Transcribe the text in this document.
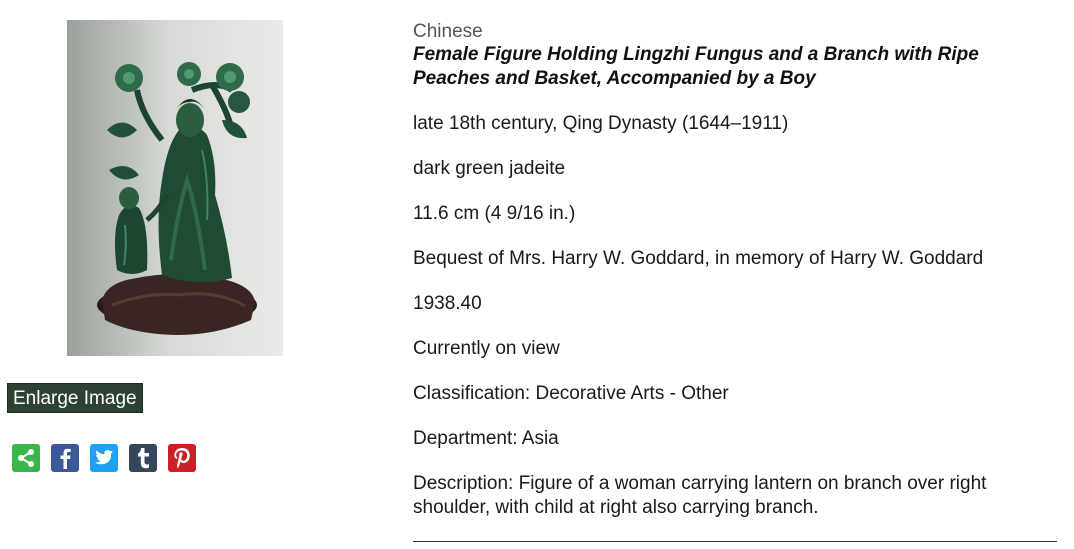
Enlarge Image
Chinese
Female Figure Holding Lingzhi Fungus and a Branch with Ripe Peaches and Basket, Accompanied by a Boy
late 18th century, Qing Dynasty (1644–1911)
dark green jadeite
11.6 cm (4 9/16 in.)
Bequest of Mrs. Harry W. Goddard, in memory of Harry W. Goddard
1938.40
Currently on view
Classification: Decorative Arts - Other
Department: Asia
Description: Figure of a woman carrying lantern on branch over right shoulder, with child at right also carrying branch.
